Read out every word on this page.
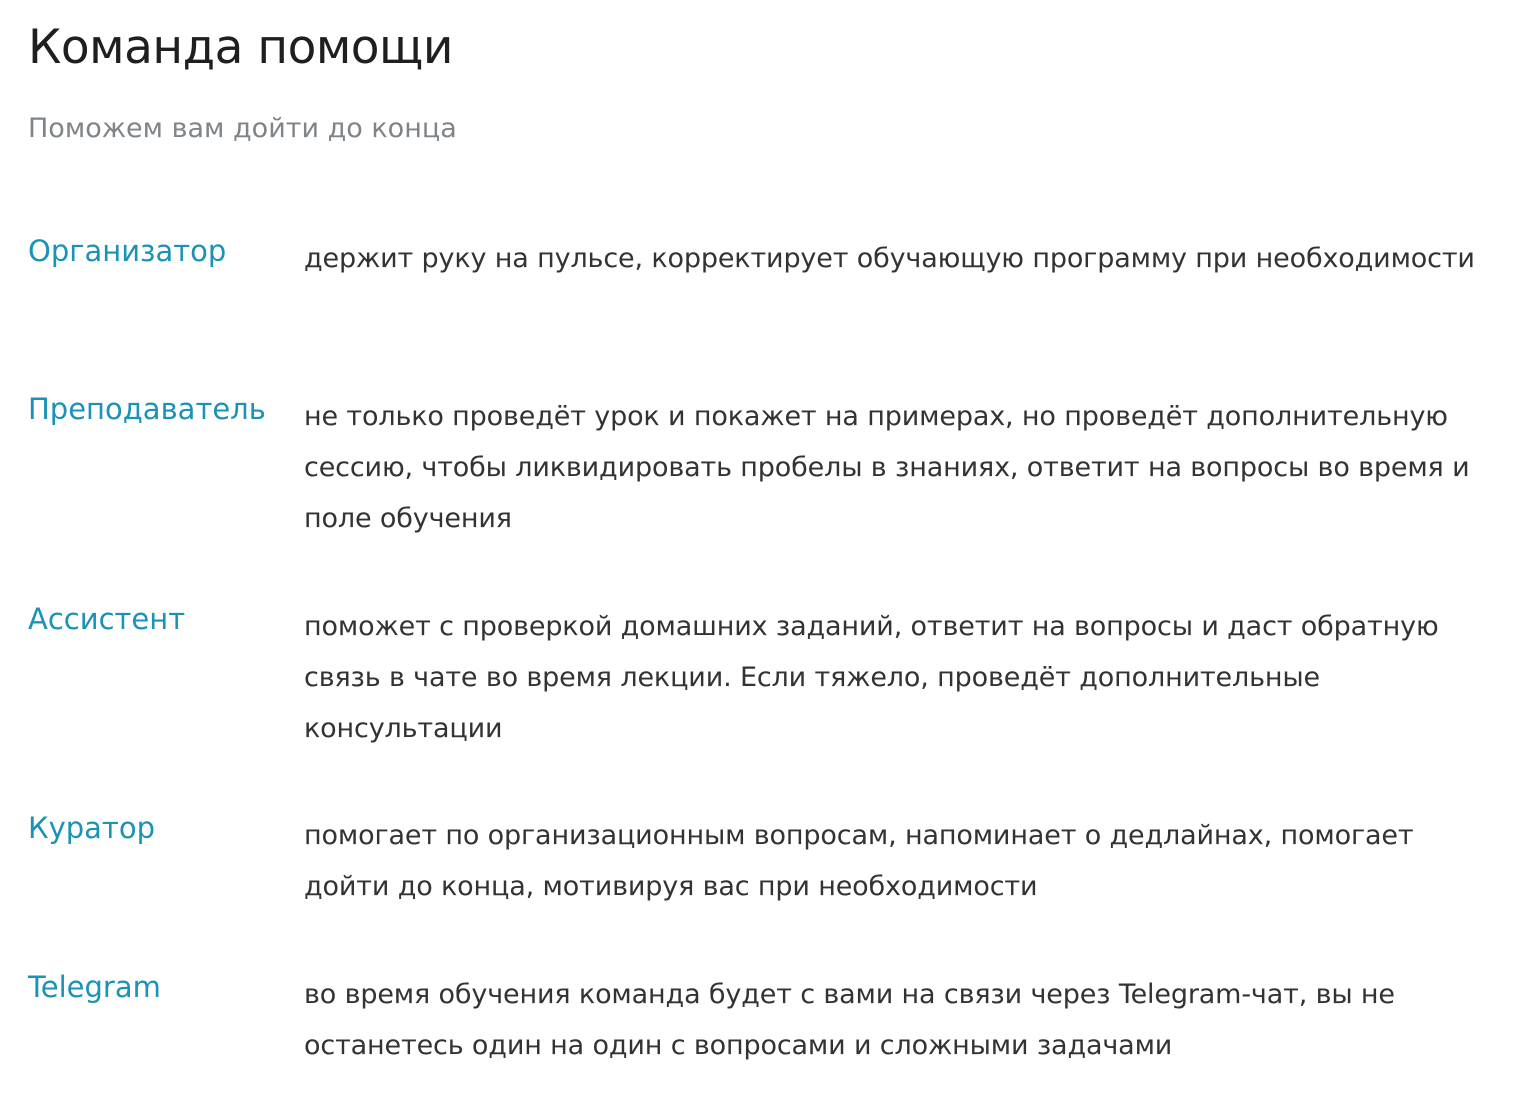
Команда помощи

Поможем вам дойти до конца

Организатор	держит руку на пульсе, корректирует обучающую программу при необходимости

Преподаватель не только проведёт урок и покажет на примерах, но проведёт дополнительную сессию, чтобы ликвидировать пробелы в знаниях, ответит на вопросы во время и поле обучения

Ассистент	поможет с проверкой домашних заданий, ответит на вопросы и даст обратную связь в чате во время лекции. Если тяжело, проведёт дополнительные консультации

Куратор	помогает по организационным вопросам, напоминает о дедлайнах, помогает дойти до конца, мотивируя вас при необходимости

Telegram	во время обучения команда будет с вами на связи через Telegram-чат, вы не останетесь один на один с вопросами и сложными задачами
